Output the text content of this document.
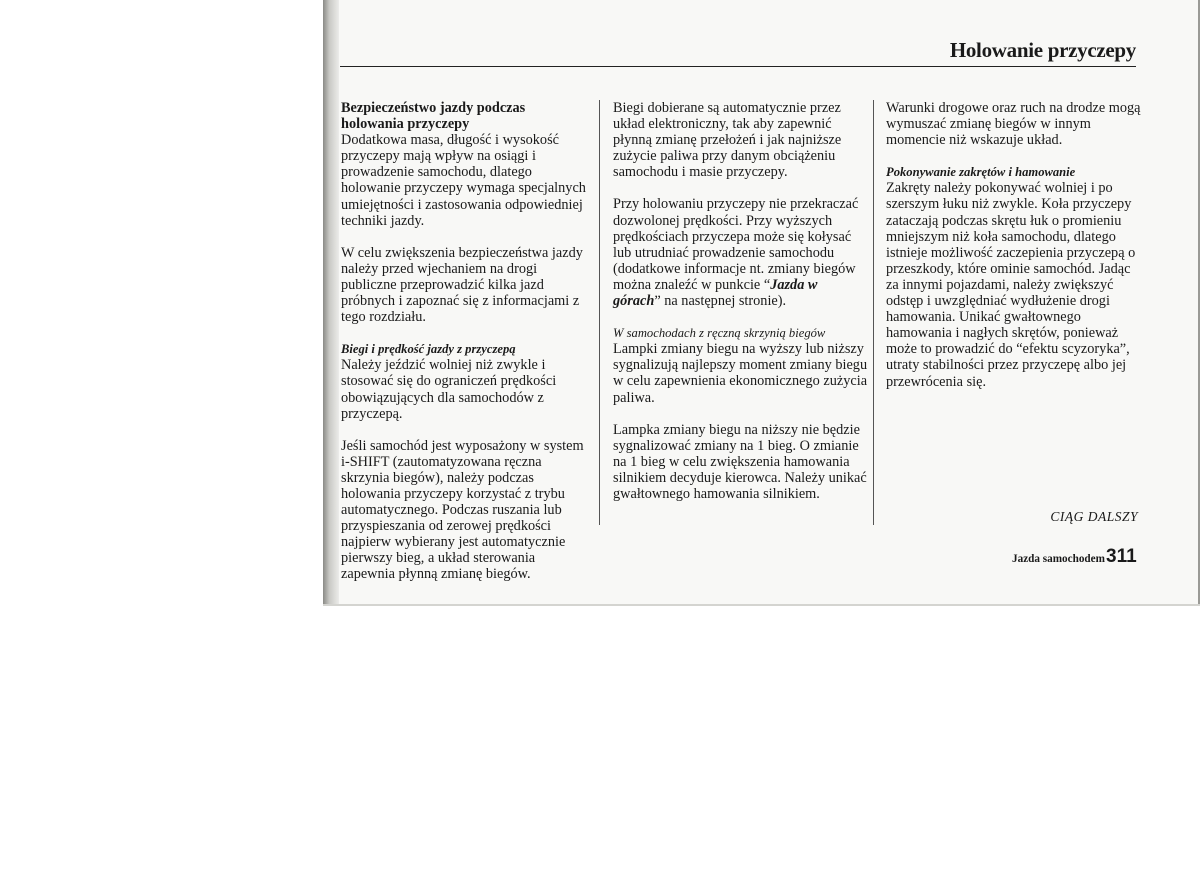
Holowanie przyczepy
Bezpieczeństwo jazdy podczas holowania przyczepy

Dodatkowa masa, długość i wysokość przyczepy mają wpływ na osiągi i prowadzenie samochodu, dlatego holowanie przyczepy wymaga specjalnych umiejętności i zastosowania odpowiedniej techniki jazdy.

W celu zwiększenia bezpieczeństwa jazdy należy przed wjechaniem na drogi publiczne przeprowadzić kilka jazd próbnych i zapoznać się z informacjami z tego rozdziału.

Biegi i prędkość jazdy z przyczepą

Należy jeździć wolniej niż zwykle i stosować się do ograniczeń prędkości obowiązujących dla samochodów z przyczepą.

Jeśli samochód jest wyposażony w system i-SHIFT (zautomatyzowana ręczna skrzynia biegów), należy podczas holowania przyczepy korzystać z trybu automatycznego. Podczas ruszania lub przyspieszania od zerowej prędkości najpierw wybierany jest automatycznie pierwszy bieg, a układ sterowania zapewnia płynną zmianę biegów.

Biegi dobierane są automatycznie przez układ elektroniczny, tak aby zapewnić płynną zmianę przełożeń i jak najniższe zużycie paliwa przy danym obciążeniu samochodu i masie przyczepy.

Przy holowaniu przyczepy nie przekraczać dozwolonej prędkości. Przy wyższych prędkościach przyczepa może się kołysać lub utrudniać prowadzenie samochodu (dodatkowe informacje nt. zmiany biegów można znaleźć w punkcie “Jazda w górach” na następnej stronie).

W samochodach z ręczną skrzynią biegów

Lampki zmiany biegu na wyższy lub niższy sygnalizują najlepszy moment zmiany biegu w celu zapewnienia ekonomicznego zużycia paliwa.

Lampka zmiany biegu na niższy nie będzie sygnalizować zmiany na 1 bieg. O zmianie na 1 bieg w celu zwiększenia hamowania silnikiem decyduje kierowca. Należy unikać gwałtownego hamowania silnikiem.

Warunki drogowe oraz ruch na drodze mogą wymuszać zmianę biegów w innym momencie niż wskazuje układ.

Pokonywanie zakrętów i hamowanie

Zakręty należy pokonywać wolniej i po szerszym łuku niż zwykle. Koła przyczepy zataczają podczas skrętu łuk o promieniu mniejszym niż koła samochodu, dlatego istnieje możliwość zaczepienia przyczepą o przeszkody, które ominie samochód. Jadąc za innymi pojazdami, należy zwiększyć odstęp i uwzględniać wydłużenie drogi hamowania. Unikać gwałtownego hamowania i nagłych skrętów, ponieważ może to prowadzić do “efektu scyzoryka”, utraty stabilności przez przyczepę albo jej przewrócenia się.

CIĄG DALSZY
Jazda samochodem 311
